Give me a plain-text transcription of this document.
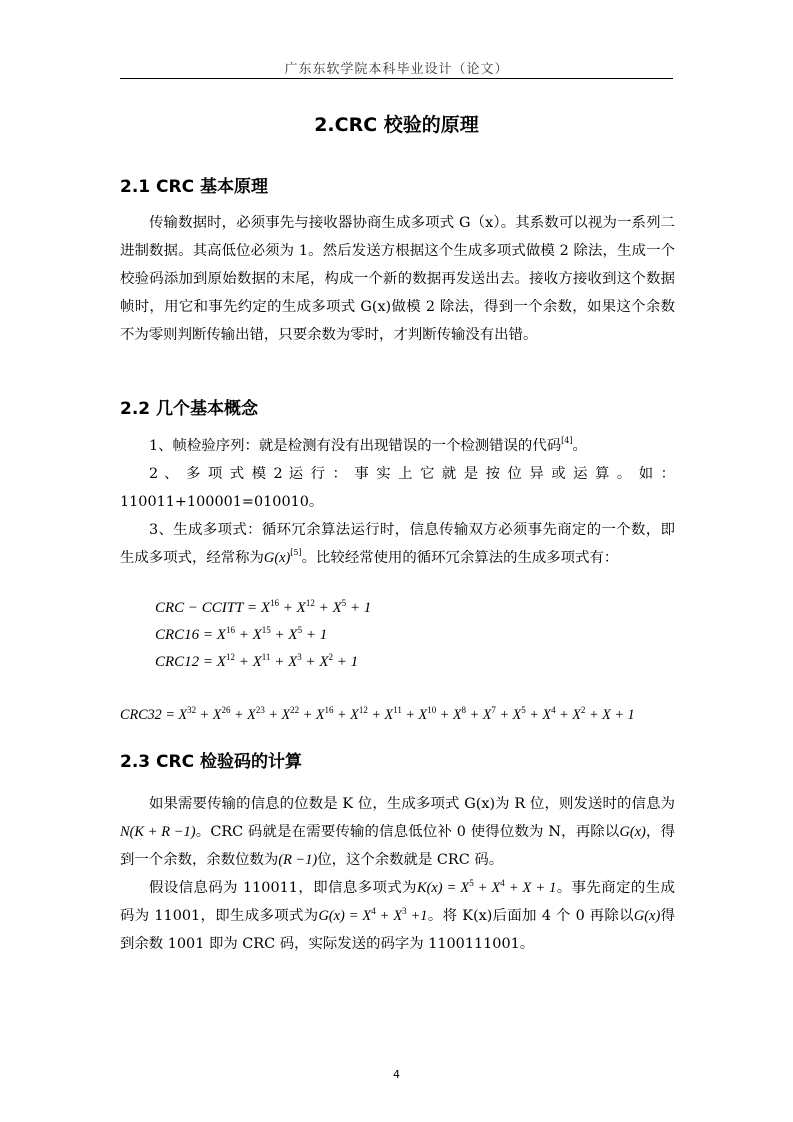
广东东软学院本科毕业设计（论文）
2.CRC 校验的原理
2.1 CRC 基本原理
传输数据时，必须事先与接收器协商生成多项式 G（x）。其系数可以视为一系列二进制数据。其高低位必须为 1。然后发送方根据这个生成多项式做模 2 除法，生成一个校验码添加到原始数据的末尾，构成一个新的数据再发送出去。接收方接收到这个数据帧时，用它和事先约定的生成多项式 G(x)做模 2 除法，得到一个余数，如果这个余数不为零则判断传输出错，只要余数为零时，才判断传输没有出错。
2.2 几个基本概念
1、帧检验序列：就是检测有没有出现错误的一个检测错误的代码[4]。
2 、 多 项 式 模 2 运 行 ： 事 实 上 它 就 是 按 位 异 或 运 算 。 如 ：
110011+100001=010010。
3、生成多项式：循环冗余算法运行时，信息传输双方必须事先商定的一个数，即生成多项式，经常称为G(x)[5]。比较经常使用的循环冗余算法的生成多项式有：
CRC − CCITT = $X^{16} + X^{12} + X^5 + 1$
$CRC16 = X^{16} + X^{15} + X^5 + 1$
$CRC12 = X^{12} + X^{11} + X^3 + X^2 + 1$
$CRC32 = X^{32} + X^{26} + X^{23} + X^{22} + X^{16} + X^{12} + X^{11} + X^{10} + X^8 + X^7 + X^5 + X^4 + X^2 + X + 1$
2.3 CRC 检验码的计算
如果需要传输的信息的位数是 K 位，生成多项式 G(x)为 R 位，则发送时的信息为N(K + R −1)。CRC 码就是在需要传输的信息低位补 0 使得位数为 N，再除以G(x)，得到一个余数，余数位数为(R −1)位，这个余数就是 CRC 码。
假设信息码为 110011，即信息多项式为$K(x) = X^5 + X^4 + X + 1$。事先商定的生成码为 11001，即生成多项式为$G(x) = X^4 + X^3 +1$。将 K(x)后面加 4 个 0 再除以G(x)得到余数 1001 即为 CRC 码，实际发送的码字为 1100111001。
4
